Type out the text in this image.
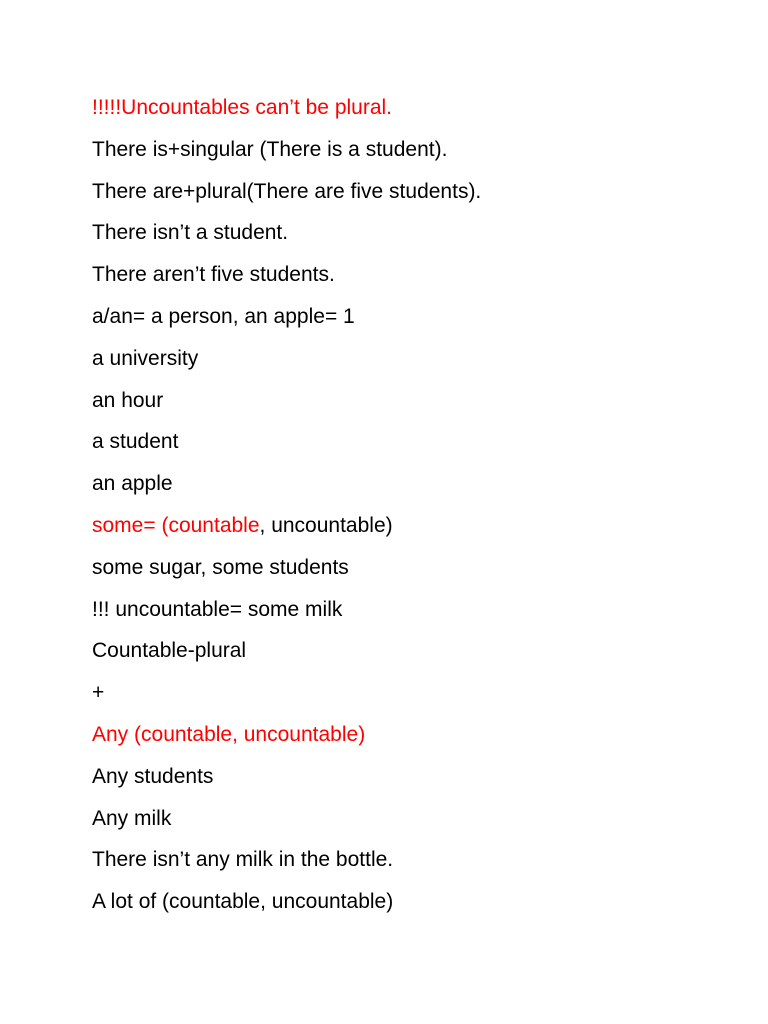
!!!!!Uncountables can’t be plural.
There is+singular (There is a student).
There are+plural(There are five students).
There isn’t a student.
There aren’t five students.
a/an= a person, an apple= 1
a university
an hour
a student
an apple
some= (countable, uncountable)
some sugar, some students
!!! uncountable= some milk
Countable-plural
+
Any (countable, uncountable)
Any students
Any milk
There isn’t any milk in the bottle.
A lot of (countable, uncountable)
